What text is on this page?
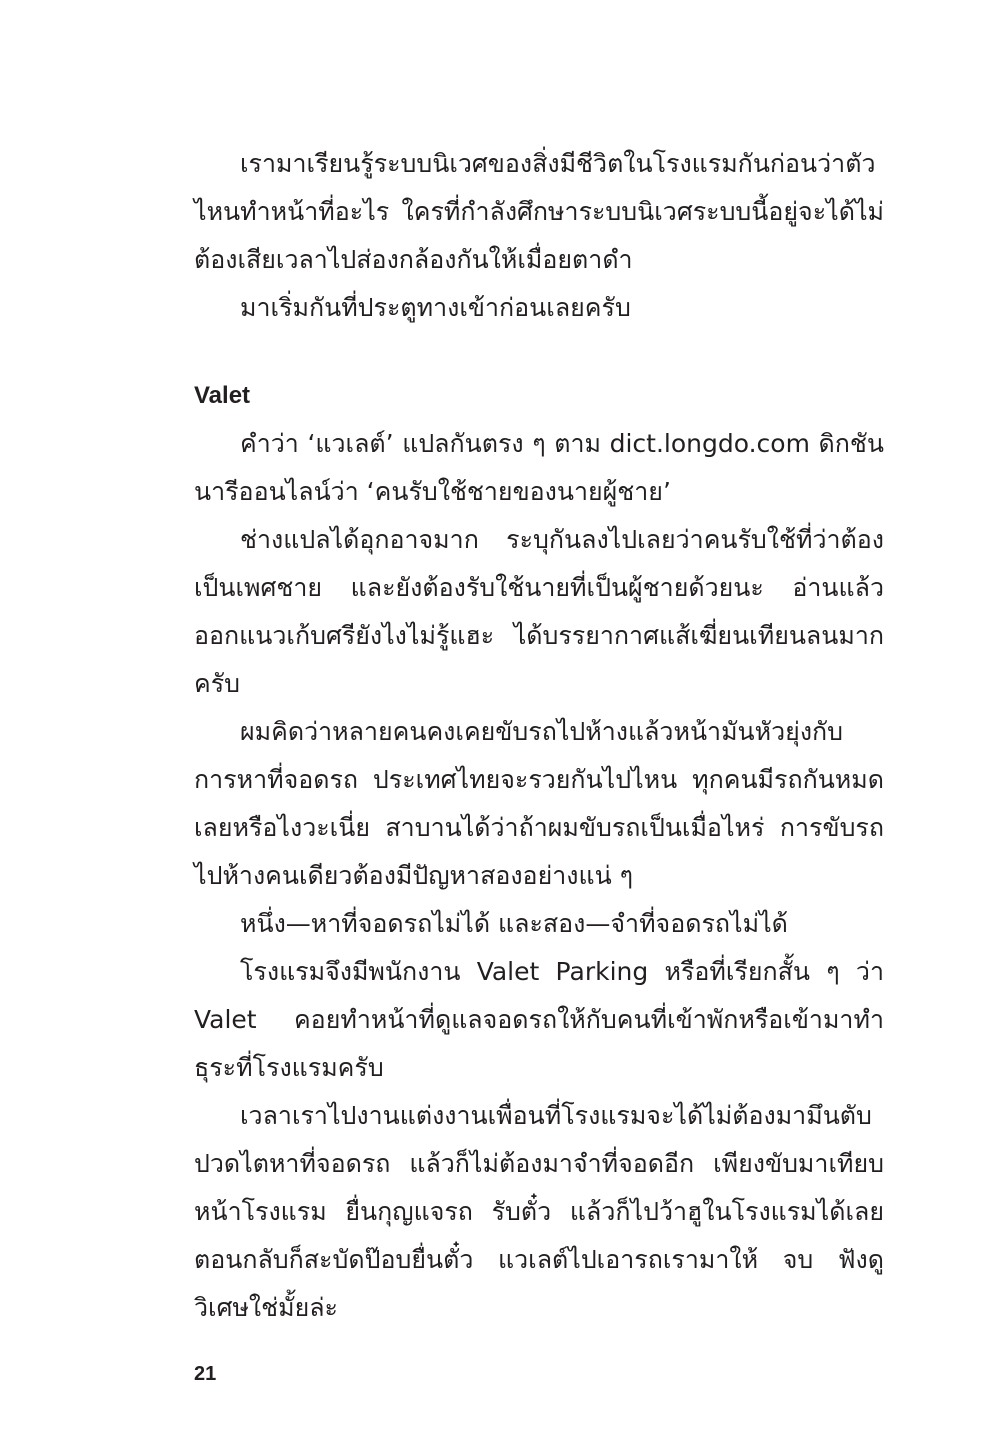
เรามาเรียนรู้ระบบนิเวศของสิ่งมีชีวิตในโรงแรมกันก่อนว่าตัวไหนทำหน้าที่อะไร ใครที่กำลังศึกษาระบบนิเวศระบบนี้อยู่จะได้ไม่ต้องเสียเวลาไปส่องกล้องกันให้เมื่อยตาดำ

มาเริ่มกันที่ประตูทางเข้าก่อนเลยครับ

Valet

คำว่า ‘แวเลต์’ แปลกันตรง ๆ ตาม dict.longdo.com ดิกชันนารีออนไลน์ว่า ‘คนรับใช้ชายของนายผู้ชาย’

ช่างแปลได้อุกอาจมาก ระบุกันลงไปเลยว่าคนรับใช้ที่ว่าต้องเป็นเพศชาย และยังต้องรับใช้นายที่เป็นผู้ชายด้วยนะ อ่านแล้วออกแนวเก้บศรียังไงไม่รู้แฮะ ได้บรรยากาศแส้เฆี่ยนเทียนลนมากครับ

ผมคิดว่าหลายคนคงเคยขับรถไปห้างแล้วหน้ามันหัวยุ่งกับการหาที่จอดรถ ประเทศไทยจะรวยกันไปไหน ทุกคนมีรถกันหมดเลยหรือไงวะเนี่ย สาบานได้ว่าถ้าผมขับรถเป็นเมื่อไหร่ การขับรถไปห้างคนเดียวต้องมีปัญหาสองอย่างแน่ ๆ

หนึ่ง—หาที่จอดรถไม่ได้ และสอง—จำที่จอดรถไม่ได้

โรงแรมจึงมีพนักงาน Valet Parking หรือที่เรียกสั้น ๆ ว่า Valet คอยทำหน้าที่ดูแลจอดรถให้กับคนที่เข้าพักหรือเข้ามาทำธุระที่โรงแรมครับ

เวลาเราไปงานแต่งงานเพื่อนที่โรงแรมจะได้ไม่ต้องมามึนตับปวดไตหาที่จอดรถ แล้วก็ไม่ต้องมาจำที่จอดอีก เพียงขับมาเทียบหน้าโรงแรม ยื่นกุญแจรถ รับตั๋ว แล้วก็ไปว้าฮูในโรงแรมได้เลย ตอนกลับก็สะบัดป๊อบยื่นตั๋ว แวเลต์ไปเอารถเรามาให้ จบ ฟังดูวิเศษใช่มั้ยล่ะ

21
